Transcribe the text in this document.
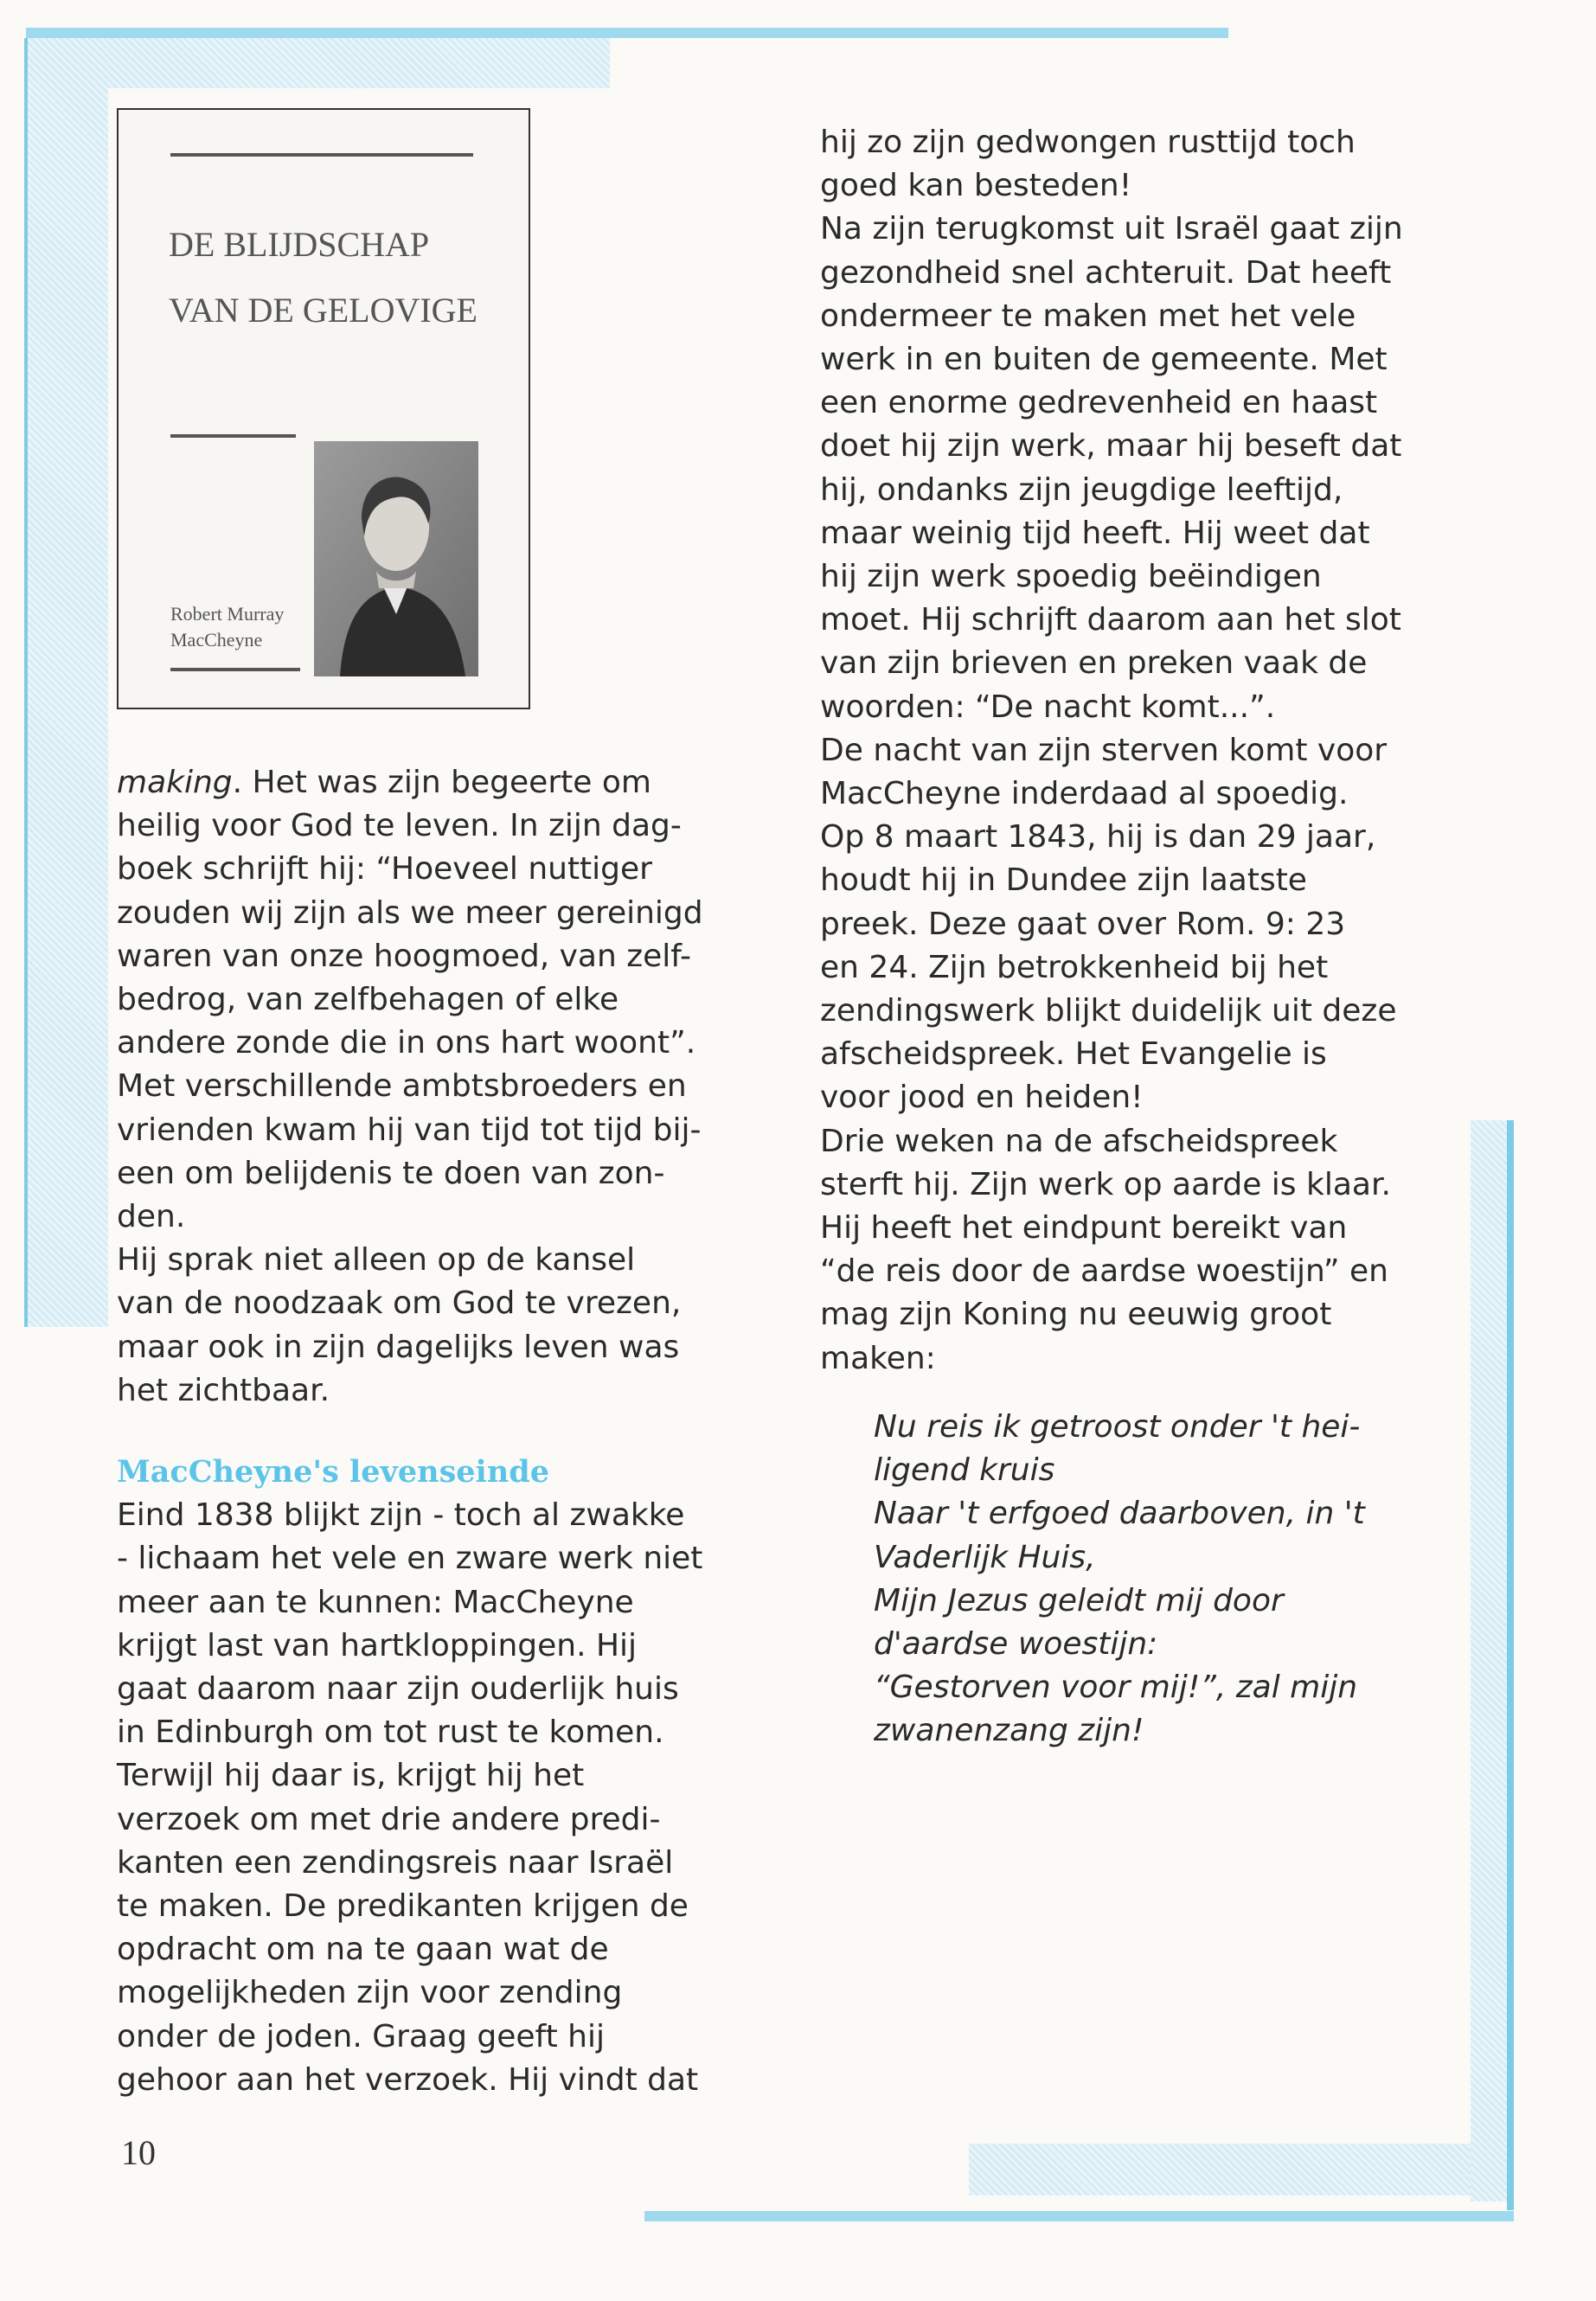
DE BLIJDSCHAP
VAN DE GELOVIGE
Robert Murray
MacCheyne
making. Het was zijn begeerte om
heilig voor God te leven. In zijn dag-
boek schrijft hij: “Hoeveel nuttiger
zouden wij zijn als we meer gereinigd
waren van onze hoogmoed, van zelf-
bedrog, van zelfbehagen of elke
andere zonde die in ons hart woont”.
Met verschillende ambtsbroeders en
vrienden kwam hij van tijd tot tijd bij-
een om belijdenis te doen van zon-
den.
Hij sprak niet alleen op de kansel
van de noodzaak om God te vrezen,
maar ook in zijn dagelijks leven was
het zichtbaar.
MacCheyne's levenseinde
Eind 1838 blijkt zijn - toch al zwakke
- lichaam het vele en zware werk niet
meer aan te kunnen: MacCheyne
krijgt last van hartkloppingen. Hij
gaat daarom naar zijn ouderlijk huis
in Edinburgh om tot rust te komen.
Terwijl hij daar is, krijgt hij het
verzoek om met drie andere predi-
kanten een zendingsreis naar Israël
te maken. De predikanten krijgen de
opdracht om na te gaan wat de
mogelijkheden zijn voor zending
onder de joden. Graag geeft hij
gehoor aan het verzoek. Hij vindt dat
hij zo zijn gedwongen rusttijd toch
goed kan besteden!
Na zijn terugkomst uit Israël gaat zijn
gezondheid snel achteruit. Dat heeft
ondermeer te maken met het vele
werk in en buiten de gemeente. Met
een enorme gedrevenheid en haast
doet hij zijn werk, maar hij beseft dat
hij, ondanks zijn jeugdige leeftijd,
maar weinig tijd heeft. Hij weet dat
hij zijn werk spoedig beëindigen
moet. Hij schrijft daarom aan het slot
van zijn brieven en preken vaak de
woorden: “De nacht komt...”.
De nacht van zijn sterven komt voor
MacCheyne inderdaad al spoedig.
Op 8 maart 1843, hij is dan 29 jaar,
houdt hij in Dundee zijn laatste
preek. Deze gaat over Rom. 9: 23
en 24. Zijn betrokkenheid bij het
zendingswerk blijkt duidelijk uit deze
afscheidspreek. Het Evangelie is
voor jood en heiden!
Drie weken na de afscheidspreek
sterft hij. Zijn werk op aarde is klaar.
Hij heeft het eindpunt bereikt van
“de reis door de aardse woestijn” en
mag zijn Koning nu eeuwig groot
maken:
Nu reis ik getroost onder 't hei-
ligend kruis
Naar 't erfgoed daarboven, in 't
Vaderlijk Huis,
Mijn Jezus geleidt mij door
d'aardse woestijn:
“Gestorven voor mij!”, zal mijn
zwanenzang zijn!
10
